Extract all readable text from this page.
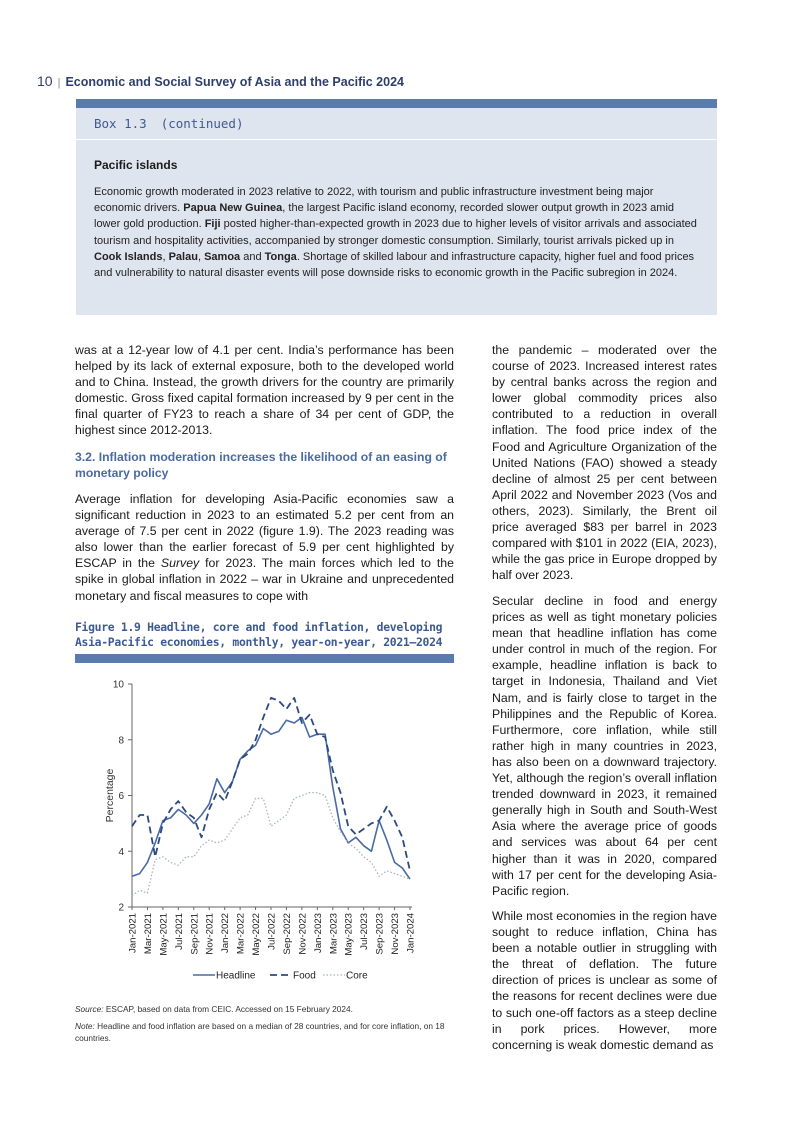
10 | Economic and Social Survey of Asia and the Pacific 2024
Box 1.3 (continued)
Pacific islands

Economic growth moderated in 2023 relative to 2022, with tourism and public infrastructure investment being major economic drivers. Papua New Guinea, the largest Pacific island economy, recorded slower output growth in 2023 amid lower gold production. Fiji posted higher-than-expected growth in 2023 due to higher levels of visitor arrivals and associated tourism and hospitality activities, accompanied by stronger domestic consumption. Similarly, tourist arrivals picked up in Cook Islands, Palau, Samoa and Tonga. Shortage of skilled labour and infrastructure capacity, higher fuel and food prices and vulnerability to natural disaster events will pose downside risks to economic growth in the Pacific subregion in 2024.

was at a 12-year low of 4.1 per cent. India’s performance has been helped by its lack of external exposure, both to the developed world and to China. Instead, the growth drivers for the country are primarily domestic. Gross fixed capital formation increased by 9 per cent in the final quarter of FY23 to reach a share of 34 per cent of GDP, the highest since 2012-2013.

3.2. Inflation moderation increases the likelihood of an easing of monetary policy

Average inflation for developing Asia-Pacific economies saw a significant reduction in 2023 to an estimated 5.2 per cent from an average of 7.5 per cent in 2022 (figure 1.9). The 2023 reading was also lower than the earlier forecast of 5.9 per cent highlighted by ESCAP in the Survey for 2023. The main forces which led to the spike in global inflation in 2022 – war in Ukraine and unprecedented monetary and fiscal measures to cope with

Figure 1.9 Headline, core and food inflation, developing Asia-Pacific economies, monthly, year-on-year, 2021–2024
2
4
6
8
10
Percentage
Jan-2021 Mar-2021 May-2021 Jul-2021 Sep-2021 Nov-2021 Jan-2022 Mar-2022 May-2022 Jul-2022 Sep-2022 Nov-2022 Jan-2023 Mar-2023 May-2023 Jul-2023 Sep-2023 Nov-2023 Jan-2024
Headline	Food	Core
Source: ESCAP, based on data from CEIC. Accessed on 15 February 2024.
Note: Headline and food inflation are based on a median of 28 countries, and for core inflation, on 18 countries.

the pandemic – moderated over the course of 2023. Increased interest rates by central banks across the region and lower global commodity prices also contributed to a reduction in overall inflation. The food price index of the Food and Agriculture Organization of the United Nations (FAO) showed a steady decline of almost 25 per cent between April 2022 and November 2023 (Vos and others, 2023). Similarly, the Brent oil price averaged $83 per barrel in 2023 compared with $101 in 2022 (EIA, 2023), while the gas price in Europe dropped by half over 2023.

Secular decline in food and energy prices as well as tight monetary policies mean that headline inflation has come under control in much of the region. For example, headline inflation is back to target in Indonesia, Thailand and Viet Nam, and is fairly close to target in the Philippines and the Republic of Korea. Furthermore, core inflation, while still rather high in many countries in 2023, has also been on a downward trajectory. Yet, although the region’s overall inflation trended downward in 2023, it remained generally high in South and South-West Asia where the average price of goods and services was about 64 per cent higher than it was in 2020, compared with 17 per cent for the developing Asia-Pacific region.

While most economies in the region have sought to reduce inflation, China has been a notable outlier in struggling with the threat of deflation. The future direction of prices is unclear as some of the reasons for recent declines were due to such one-off factors as a steep decline in pork prices. However, more concerning is weak domestic demand as
